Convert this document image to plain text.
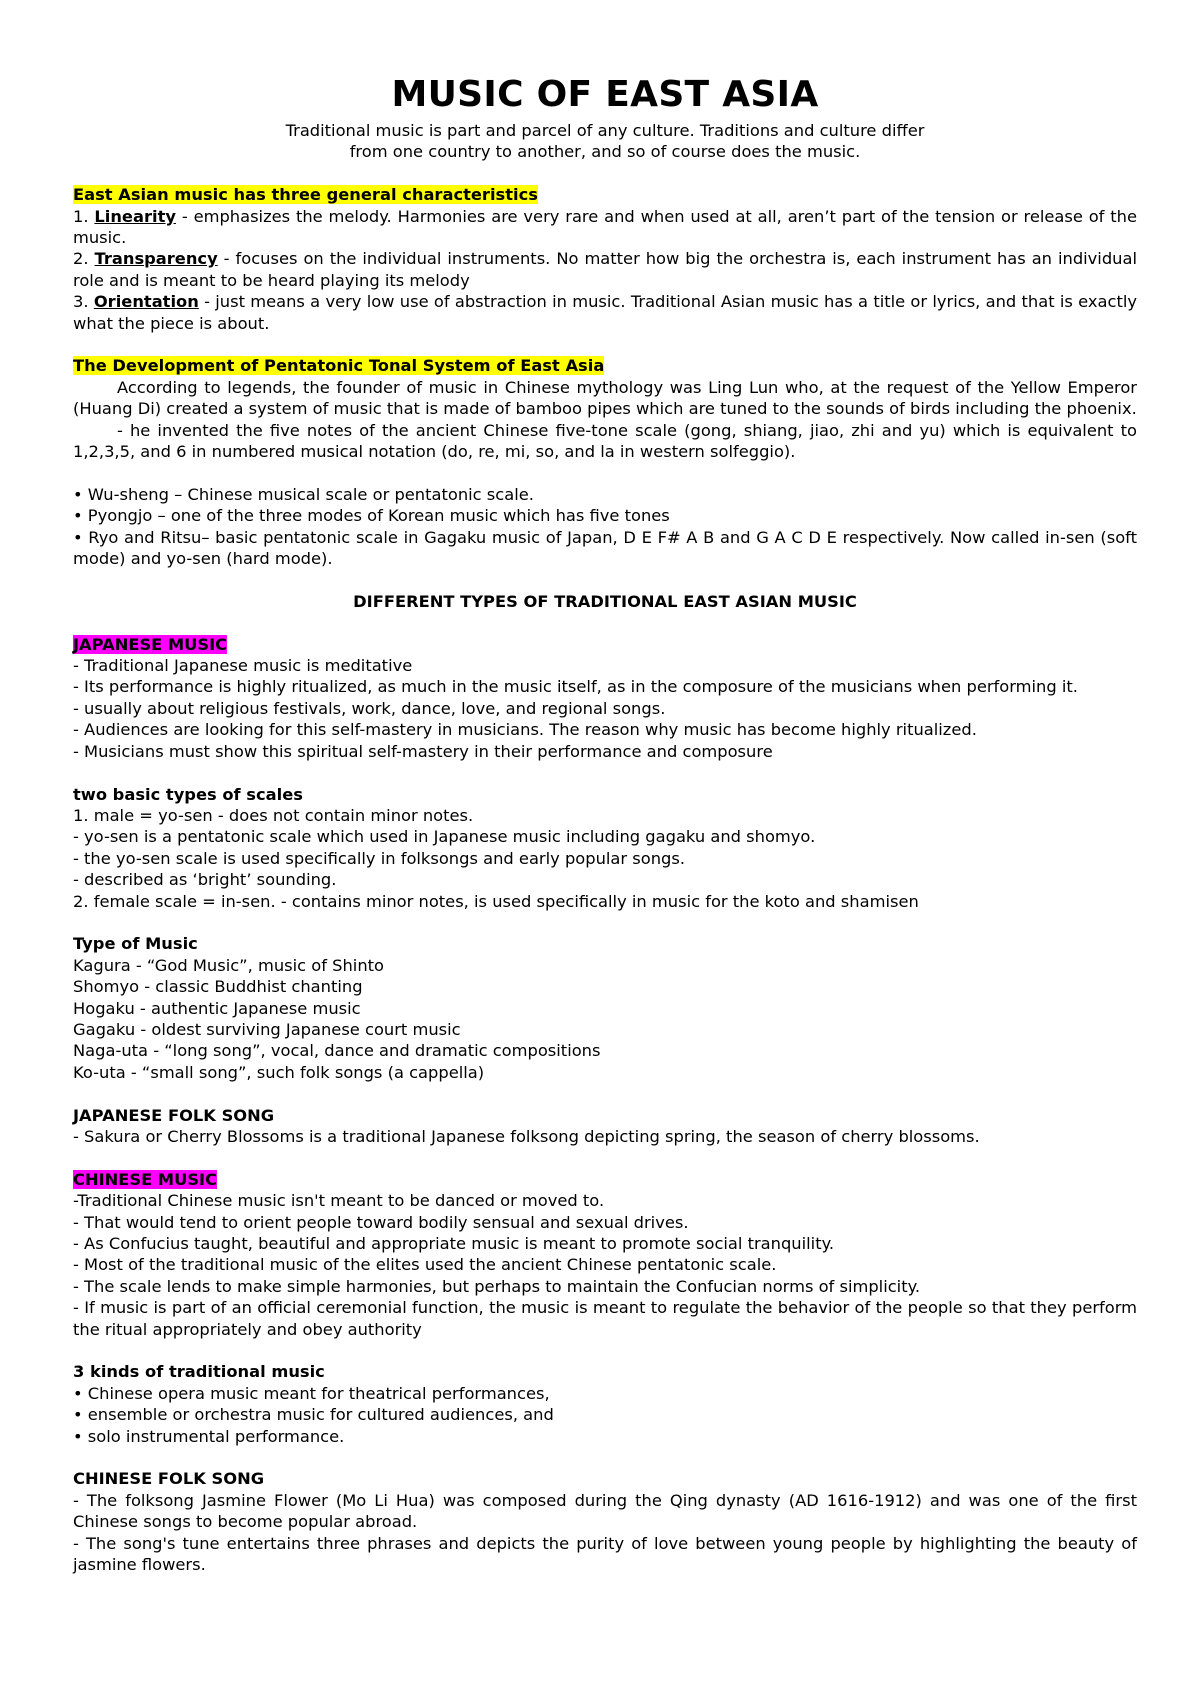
MUSIC OF EAST ASIA

Traditional music is part and parcel of any culture. Traditions and culture differ

from one country to another, and so of course does the music.

East Asian music has three general characteristics

1. Linearity - emphasizes the melody. Harmonies are very rare and when used at all, aren’t part of the tension or release of the music.

2. Transparency - focuses on the individual instruments. No matter how big the orchestra is, each instrument has an individual role and is meant to be heard playing its melody

3. Orientation - just means a very low use of abstraction in music. Traditional Asian music has a title or lyrics, and that is exactly what the piece is about.

The Development of Pentatonic Tonal System of East Asia

According to legends, the founder of music in Chinese mythology was Ling Lun who, at the request of the Yellow Emperor (Huang Di) created a system of music that is made of bamboo pipes which are tuned to the sounds of birds including the phoenix.

- he invented the five notes of the ancient Chinese five-tone scale (gong, shiang, jiao, zhi and yu) which is equivalent to 1,2,3,5, and 6 in numbered musical notation (do, re, mi, so, and la in western solfeggio).

• Wu-sheng – Chinese musical scale or pentatonic scale.

• Pyongjo – one of the three modes of Korean music which has five tones

• Ryo and Ritsu– basic pentatonic scale in Gagaku music of Japan, D E F# A B and G A C D E respectively. Now called in-sen (soft mode) and yo-sen (hard mode).

DIFFERENT TYPES OF TRADITIONAL EAST ASIAN MUSIC

JAPANESE MUSIC

- Traditional Japanese music is meditative

- Its performance is highly ritualized, as much in the music itself, as in the composure of the musicians when performing it.

- usually about religious festivals, work, dance, love, and regional songs.

- Audiences are looking for this self-mastery in musicians. The reason why music has become highly ritualized.

- Musicians must show this spiritual self-mastery in their performance and composure

two basic types of scales

1. male = yo-sen - does not contain minor notes.

- yo-sen is a pentatonic scale which used in Japanese music including gagaku and shomyo.

- the yo-sen scale is used specifically in folksongs and early popular songs.

- described as ‘bright’ sounding.

2. female scale = in-sen. - contains minor notes, is used specifically in music for the koto and shamisen

Type of Music

Kagura - “God Music”, music of Shinto

Shomyo - classic Buddhist chanting

Hogaku - authentic Japanese music

Gagaku - oldest surviving Japanese court music

Naga-uta - “long song”, vocal, dance and dramatic compositions

Ko-uta - “small song”, such folk songs (a cappella)

JAPANESE FOLK SONG

- Sakura or Cherry Blossoms is a traditional Japanese folksong depicting spring, the season of cherry blossoms.

CHINESE MUSIC

-Traditional Chinese music isn't meant to be danced or moved to.

- That would tend to orient people toward bodily sensual and sexual drives.

- As Confucius taught, beautiful and appropriate music is meant to promote social tranquility.

- Most of the traditional music of the elites used the ancient Chinese pentatonic scale.

- The scale lends to make simple harmonies, but perhaps to maintain the Confucian norms of simplicity.

- If music is part of an official ceremonial function, the music is meant to regulate the behavior of the people so that they perform the ritual appropriately and obey authority

3 kinds of traditional music

• Chinese opera music meant for theatrical performances,

• ensemble or orchestra music for cultured audiences, and

• solo instrumental performance.

CHINESE FOLK SONG

- The folksong Jasmine Flower (Mo Li Hua) was composed during the Qing dynasty (AD 1616-1912) and was one of the first Chinese songs to become popular abroad.

- The song's tune entertains three phrases and depicts the purity of love between young people by highlighting the beauty of jasmine flowers.
